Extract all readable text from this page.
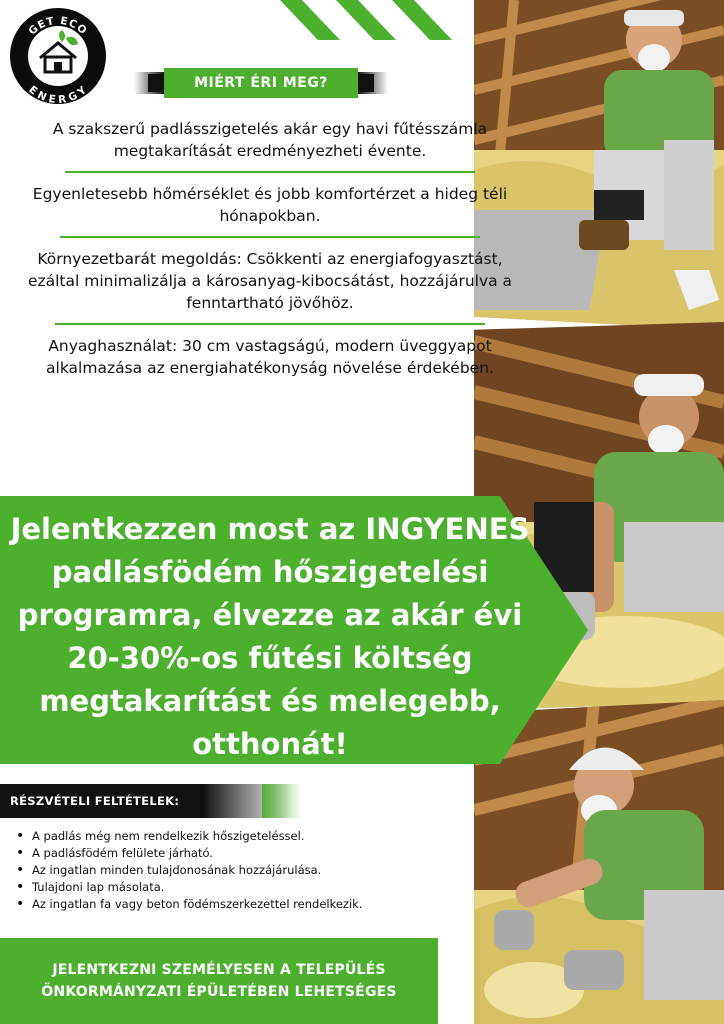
GET ECO
ENERGY
MIÉRT ÉRI MEG?

A szakszerű padlásszigetelés akár egy havi fűtésszámla megtakarítását eredményezheti évente.

Egyenletesebb hőmérséklet és jobb komfortérzet a hideg téli hónapokban.

Környezetbarát megoldás: Csökkenti az energiafogyasztást, ezáltal minimalizálja a károsanyag-kibocsátást, hozzájárulva a fenntartható jövőhöz.

Anyaghasználat: 30 cm vastagságú, modern üveggyapot alkalmazása az energiahatékonyság növelése érdekében.

Jelentkezzen most az INGYENES padlásfödém hőszigetelési programra, élvezze az akár évi 20-30%-os fűtési költség megtakarítást és melegebb, otthonát!

RÉSZVÉTELI FELTÉTELEK:
• A padlás még nem rendelkezik hőszigeteléssel.
• A padlásfödém felülete járható.
• Az ingatlan minden tulajdonosának hozzájárulása.
• Tulajdoni lap másolata.
• Az ingatlan fa vagy beton födémszerkezettel rendelkezik.
JELENTKEZNI SZEMÉLYESEN A TELEPÜLÉS ÖNKORMÁNYZATI ÉPÜLETÉBEN LEHETSÉGES
